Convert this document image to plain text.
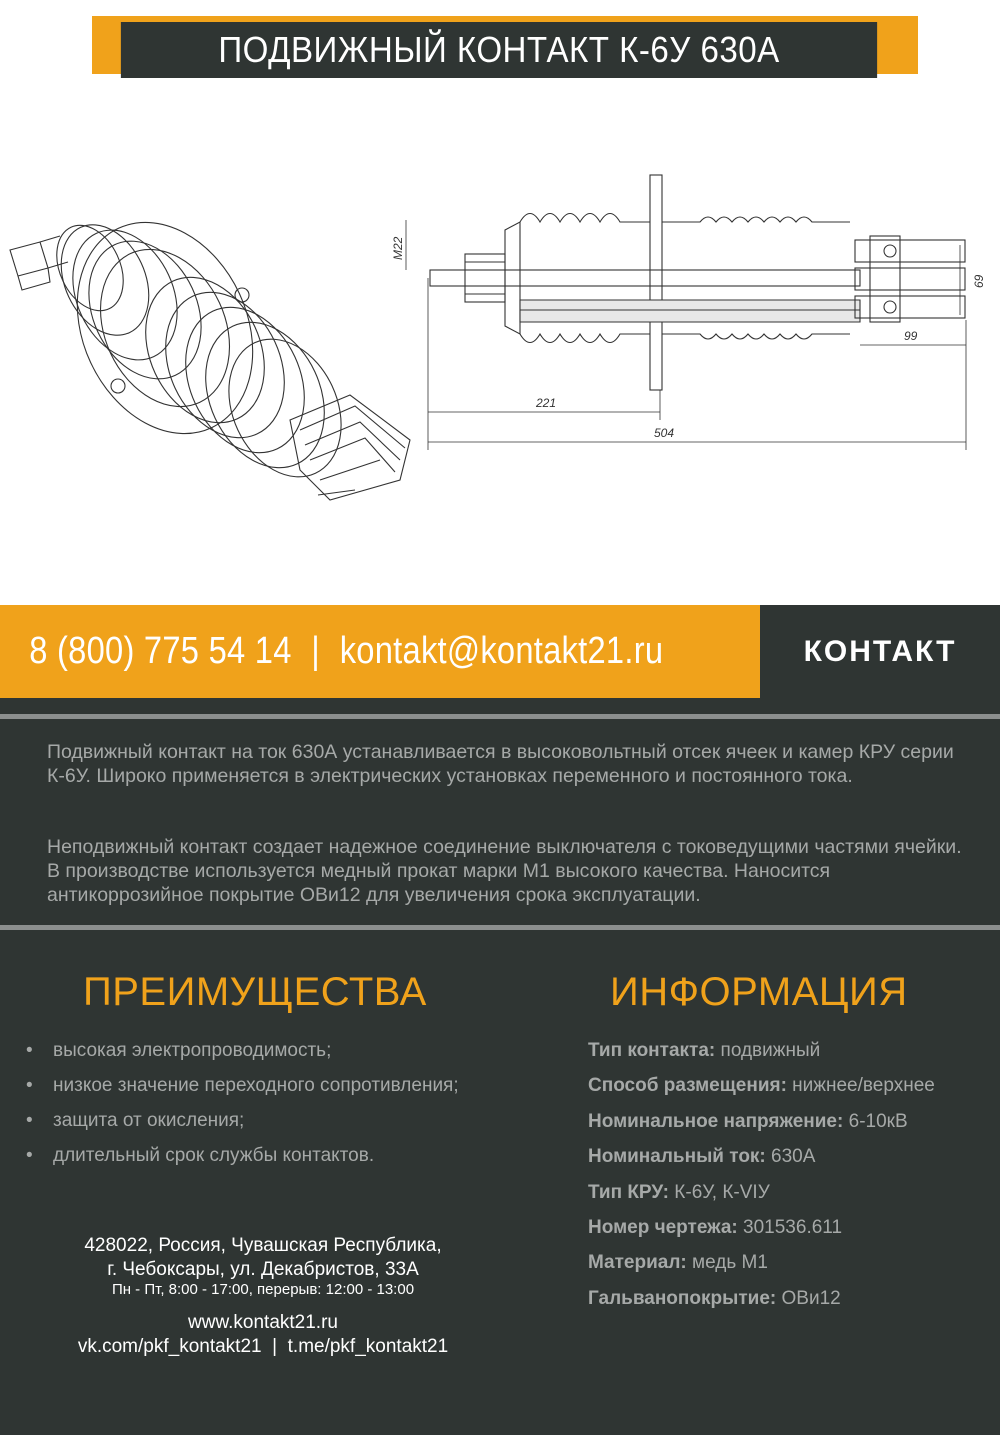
ПОДВИЖНЫЙ КОНТАКТ К-6У 630А
M22
221
504
99
69
8 (800) 775 54 14 | kontakt@kontakt21.ru	КОНТАКТ

Подвижный контакт на ток 630А устанавливается в высоковольтный отсек ячеек и камер КРУ серии К-6У. Широко применяется в электрических установках переменного и постоянного тока.

Неподвижный контакт создает надежное соединение выключателя с токоведущими частями ячейки. В производстве используется медный прокат марки М1 высокого качества. Наносится антикоррозийное покрытие ОВи12 для увеличения срока эксплуатации.

ПРЕИМУЩЕСТВА	ИНФОРМАЦИЯ
•	высокая электропроводимость;
•	низкое значение переходного сопротивления;
•	защита от окисления;
•	длительный срок службы контактов.
Тип контакта: подвижный
Способ размещения: нижнее/верхнее
Номинальное напряжение: 6-10кВ
Номинальный ток: 630А
Тип КРУ: К-6У, К-VIУ
Номер чертежа: 301536.611
Материал: медь М1
Гальванопокрытие: ОВи12
428022, Россия, Чувашская Республика,
г. Чебоксары, ул. Декабристов, 33А
Пн - Пт, 8:00 - 17:00, перерыв: 12:00 - 13:00
www.kontakt21.ru
vk.com/pkf_kontakt21  |  t.me/pkf_kontakt21
